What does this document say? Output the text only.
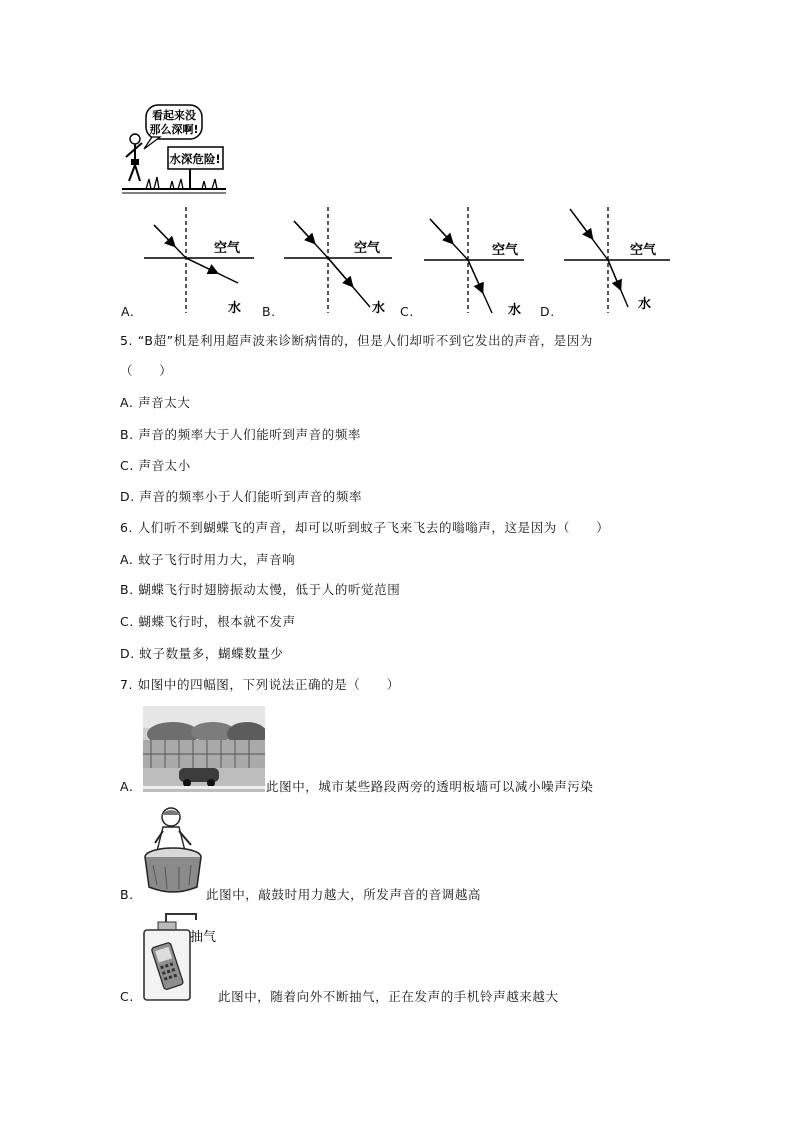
看起来没
那么深啊!
水深危险!
空气
水
空气
水
空气
水
空气
水
A.	B.	C.	D.
5. “B超”机是利用超声波来诊断病情的，但是人们却听不到它发出的声音，是因为
（　　）
A. 声音太大
B. 声音的频率大于人们能听到声音的频率
C. 声音太小
D. 声音的频率小于人们能听到声音的频率
6. 人们听不到蝴蝶飞的声音，却可以听到蚊子飞来飞去的嗡嗡声，这是因为（　　）
A. 蚊子飞行时用力大，声音响
B. 蝴蝶飞行时翅膀振动太慢，低于人的听觉范围
C. 蝴蝶飞行时，根本就不发声
D. 蚊子数量多，蝴蝶数量少
7. 如图中的四幅图，下列说法正确的是（　　）
A.	此图中，城市某些路段两旁的透明板墙可以减小噪声污染
B.	此图中，敲鼓时用力越大，所发声音的音调越高
抽气
C.	此图中，随着向外不断抽气，正在发声的手机铃声越来越大
